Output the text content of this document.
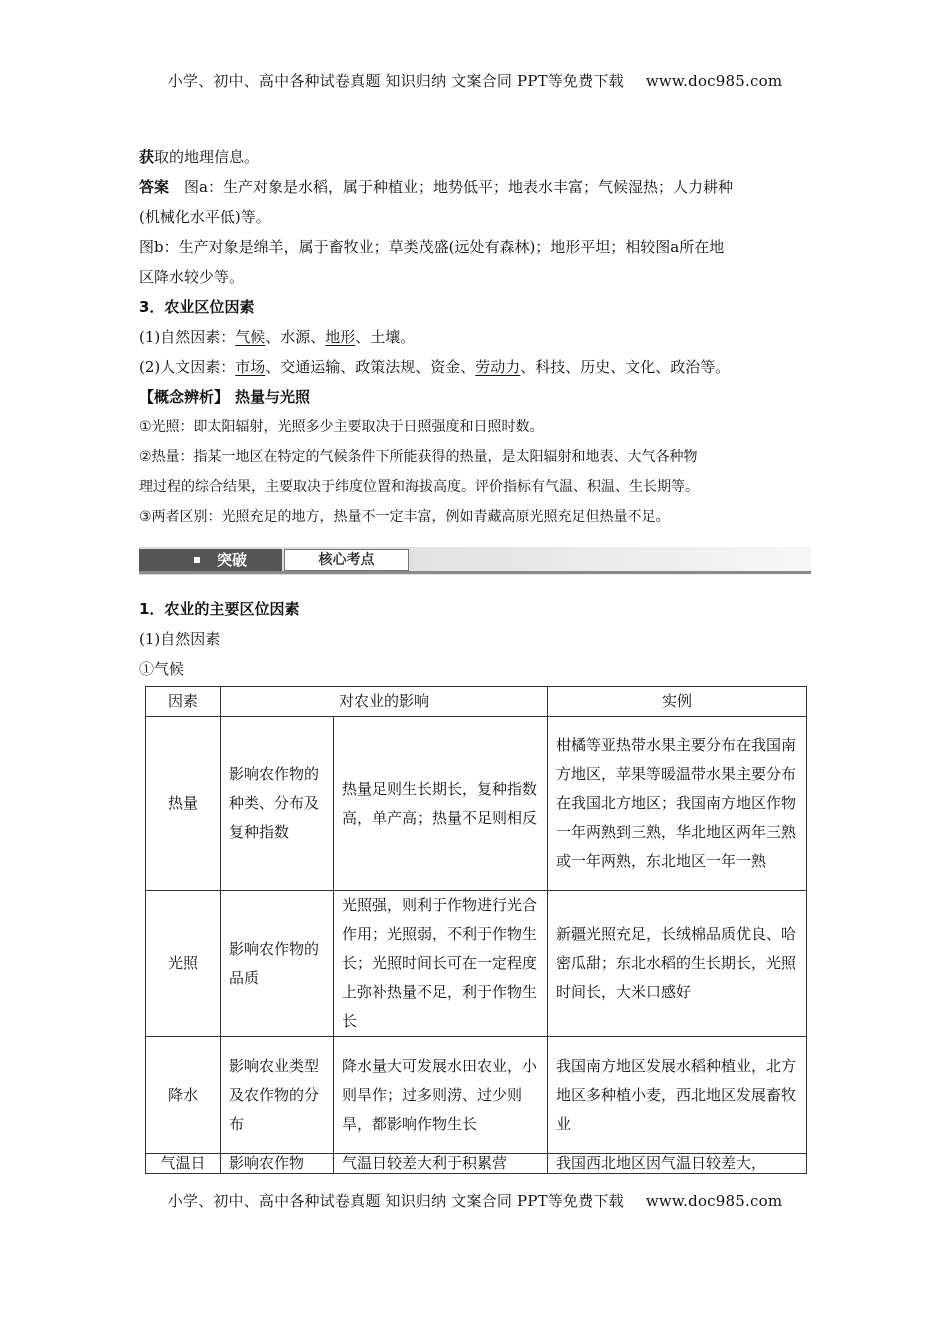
小学、初中、高中各种试卷真题 知识归纳 文案合同 PPT等免费下载 www.doc985.com

获取的地理信息。

答案　 图a：生产对象是水稻，属于种植业；地势低平；地表水丰富；气候湿热；人力耕种

(机械化水平低)等。

图b：生产对象是绵羊，属于畜牧业；草类茂盛(远处有森林)；地形平坦；相较图a所在地

区降水较少等。

3．农业区位因素

(1)自然因素：气候、水源、地形、土壤。

(2)人文因素：市场、交通运输、政策法规、资金、劳动力、科技、历史、文化、政治等。

【概念辨析】 热量与光照

①光照：即太阳辐射，光照多少主要取决于日照强度和日照时数。

②热量：指某一地区在特定的气候条件下所能获得的热量，是太阳辐射和地表、大气各种物

理过程的综合结果，主要取决于纬度位置和海拔高度。评价指标有气温、积温、生长期等。

③两者区别：光照充足的地方，热量不一定丰富，例如青藏高原光照充足但热量不足。

突破	核心考点

1．农业的主要区位因素

(1)自然因素

①气候

因素	对农业的影响		实例
热量	影响农作物的种类、分布及复种指数	热量足则生长期长，复种指数高，单产高；热量不足则相反	柑橘等亚热带水果主要分布在我国南方地区，苹果等暖温带水果主要分布在我国北方地区；我国南方地区作物一年两熟到三熟，华北地区两年三熟或一年两熟，东北地区一年一熟
光照	影响农作物的品质	光照强，则利于作物进行光合作用；光照弱，不利于作物生长；光照时间长可在一定程度上弥补热量不足，利于作物生长	新疆光照充足，长绒棉品质优良、哈密瓜甜；东北水稻的生长期长，光照时间长，大米口感好
降水	影响农业类型及农作物的分布	降水量大可发展水田农业，小则旱作；过多则涝、过少则旱，都影响作物生长	我国南方地区发展水稻种植业，北方地区多种植小麦，西北地区发展畜牧业
气温日	影响农作物	气温日较差大利于积累营	我国西北地区因气温日较差大，
小学、初中、高中各种试卷真题 知识归纳 文案合同 PPT等免费下载 www.doc985.com
